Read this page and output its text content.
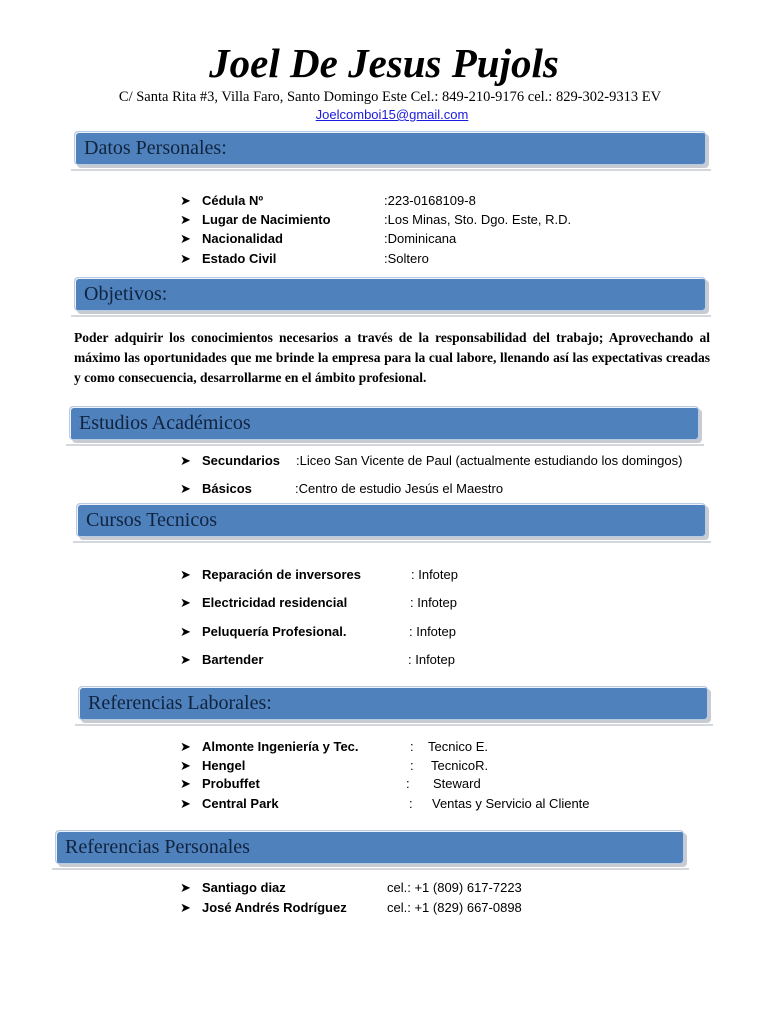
Joel De Jesus Pujols
C/ Santa Rita #3, Villa Faro, Santo Domingo Este Cel.: 849-210-9176 cel.: 829-302-9313 EV
Joelcomboi15@gmail.com
Datos Personales:
➤ Cédula Nº	:223-0168109-8
➤ Lugar de Nacimiento	:Los Minas, Sto. Dgo. Este, R.D.
➤ Nacionalidad	:Dominicana
➤ Estado Civil	:Soltero
Objetivos:
Poder adquirir los conocimientos necesarios a través de la responsabilidad del trabajo; Aprovechando al máximo las oportunidades que me brinde la empresa para la cual labore, llenando así las expectativas creadas y como consecuencia, desarrollarme en el ámbito profesional.
Estudios Académicos
➤ Secundarios :Liceo San Vicente de Paul (actualmente estudiando los domingos)
➤ Básicos	:Centro de estudio Jesús el Maestro
Cursos Tecnicos
➤ Reparación de inversores	: Infotep
➤ Electricidad residencial	: Infotep
➤ Peluquería Profesional.	: Infotep
➤ Bartender	: Infotep
Referencias Laborales:
➤ Almonte Ingeniería y Tec.	: Tecnico E.
➤ Hengel	: TecnicoR.
➤ Probuffet	: Steward
➤ Central Park	: Ventas y Servicio al Cliente
Referencias Personales
➤ Santiago diaz	cel.: +1 (809) 617-7223
➤ José Andrés Rodríguez	cel.: +1 (829) 667-0898
